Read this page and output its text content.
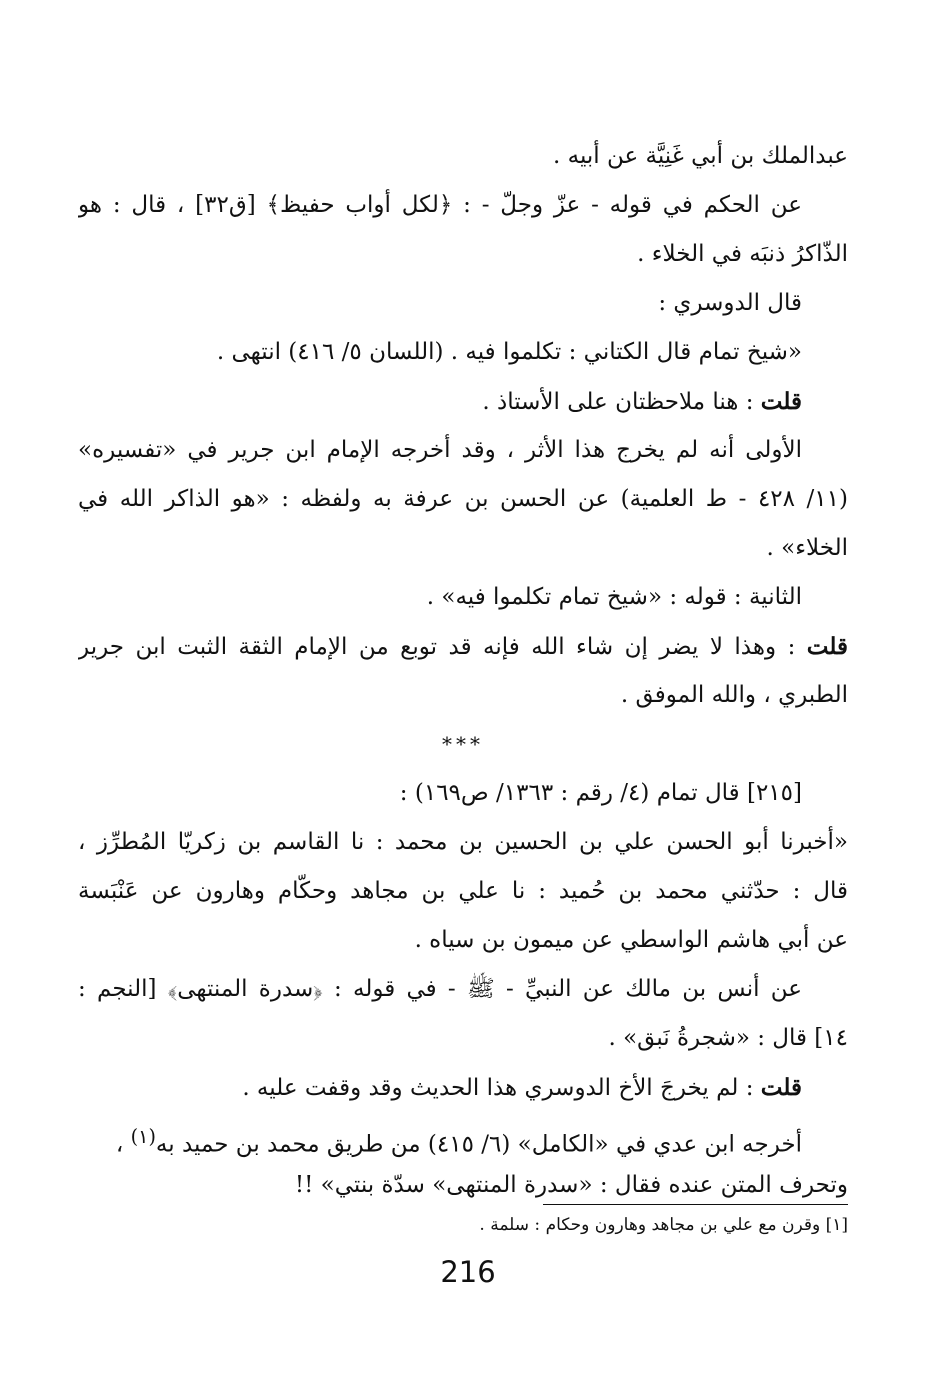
عبدالملك بن أبي غَنِيَّة عن أبيه .
عن الحكم في قوله - عزّ وجلّ - : ﴿لكل أواب حفيظ﴾ [ق٣٢] ، قال : هو
الذّاكرُ ذنبَه في الخلاء .
قال الدوسري :
«شيخ تمام قال الكتاني : تكلموا فيه . (اللسان ٥/ ٤١٦) انتهى .
قلت : هنا ملاحظتان على الأستاذ .
الأولى أنه لم يخرج هذا الأثر ، وقد أخرجه الإمام ابن جرير في «تفسيره»
(١١/ ٤٢٨ - ط العلمية) عن الحسن بن عرفة به ولفظه : «هو الذاكر الله في
الخلاء» .
الثانية : قوله : «شيخ تمام تكلموا فيه» .
قلت : وهذا لا يضر إن شاء الله فإنه قد توبع من الإمام الثقة الثبت ابن جرير
الطبري ، والله الموفق .
***
[٢١٥] قال تمام (٤/ رقم : ١٣٦٣/ ص١٦٩) :
«أخبرنا أبو الحسن علي بن الحسين بن محمد : نا القاسم بن زكريّا المُطرِّز ،
قال : حدّثني محمد بن حُميد : نا علي بن مجاهد وحكّام وهارون عن عَنْبَسة
عن أبي هاشم الواسطي عن ميمون بن سياه .
عن أنس بن مالك عن النبيِّ - ﷺ - في قوله : ﴿سدرة المنتهى﴾ [النجم :
١٤] قال : «شجرةُ نَبق» .
قلت : لم يخرجَ الأخ الدوسري هذا الحديث وقد وقفت عليه .
أخرجه ابن عدي في «الكامل» (٦/ ٤١٥) من طريق محمد بن حميد به$^{(١)}$ ،
وتحرف المتن عنده فقال : «سدرة المنتهى» سدّة بنتي» !!
[١] وقرن مع علي بن مجاهد وهارون وحكام : سلمة .
216
